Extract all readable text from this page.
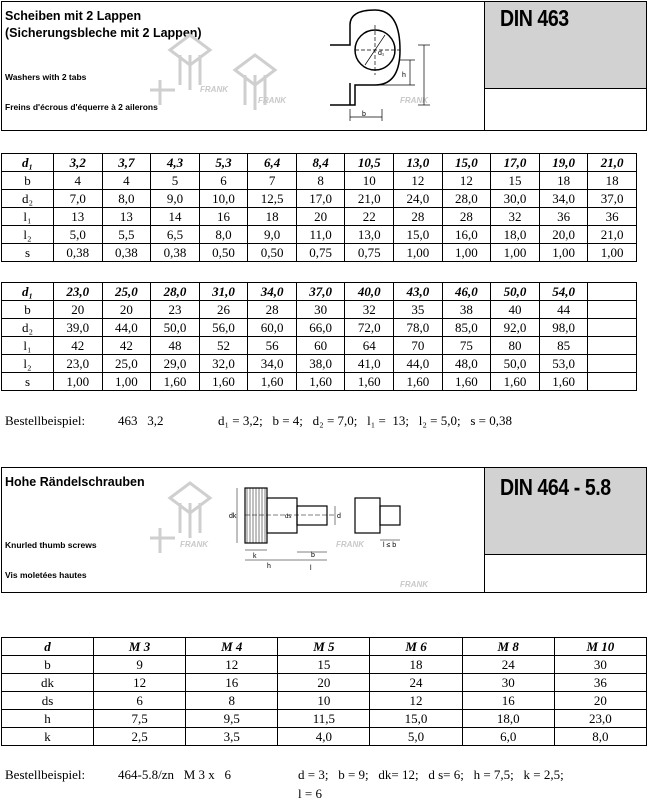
Scheiben mit 2 Lappen
(Sicherungsbleche mit 2 Lappen)
Washers with 2 tabs
Freins d'écrous d'équerre à 2 ailerons
DIN 463
FRANK
FRANK	FRANK
b
h
d₁
d₁	3,2	3,7	4,3	5,3	6,4	8,4	10,5	13,0	15,0	17,0	19,0	21,0
b	4	4	5	6	7	8	10	12	12	15	18	18
d₂	7,0	8,0	9,0	10,0	12,5	17,0	21,0	24,0	28,0	30,0	34,0	37,0
l₁	13	13	14	16	18	20	22	28	28	32	36	36
l₂	5,0	5,5	6,5	8,0	9,0	11,0	13,0	15,0	16,0	18,0	20,0	21,0
s	0,38	0,38	0,38	0,50	0,50	0,75	0,75	1,00	1,00	1,00	1,00	1,00
d₁	23,0	25,0	28,0	31,0	34,0	37,0	40,0	43,0	46,0	50,0	54,0	
b	20	20	23	26	28	30	32	35	38	40	44	
d₂	39,0	44,0	50,0	56,0	60,0	66,0	72,0	78,0	85,0	92,0	98,0	
l₁	42	42	48	52	56	60	64	70	75	80	85	
l₂	23,0	25,0	29,0	32,0	34,0	38,0	41,0	44,0	48,0	50,0	53,0	
s	1,00	1,00	1,60	1,60	1,60	1,60	1,60	1,60	1,60	1,60	1,60	
Bestellbeispiel:	463   3,2	d₁ = 3,2;   b = 4;   d₂ = 7,0;   l₁ =  13;   l₂ = 5,0;   s = 0,38
Hohe Rändelschrauben
Knurled thumb screws
Vis moletées hautes
DIN 464 - 5.8
FRANK	FRANK
FRANK
dk	d
ds
k	b
h	l
l ≤ b
d	M 3	M 4	M 5	M 6	M 8	M 10
b	9	12	15	18	24	30
dk	12	16	20	24	30	36
ds	6	8	10	12	16	20
h	7,5	9,5	11,5	15,0	18,0	23,0
k	2,5	3,5	4,0	5,0	6,0	8,0
Bestellbeispiel:	464-5.8/zn   M 3 x   6	d = 3;   b = 9;   dk= 12;   d s= 6;   h = 7,5;   k = 2,5;
l = 6
